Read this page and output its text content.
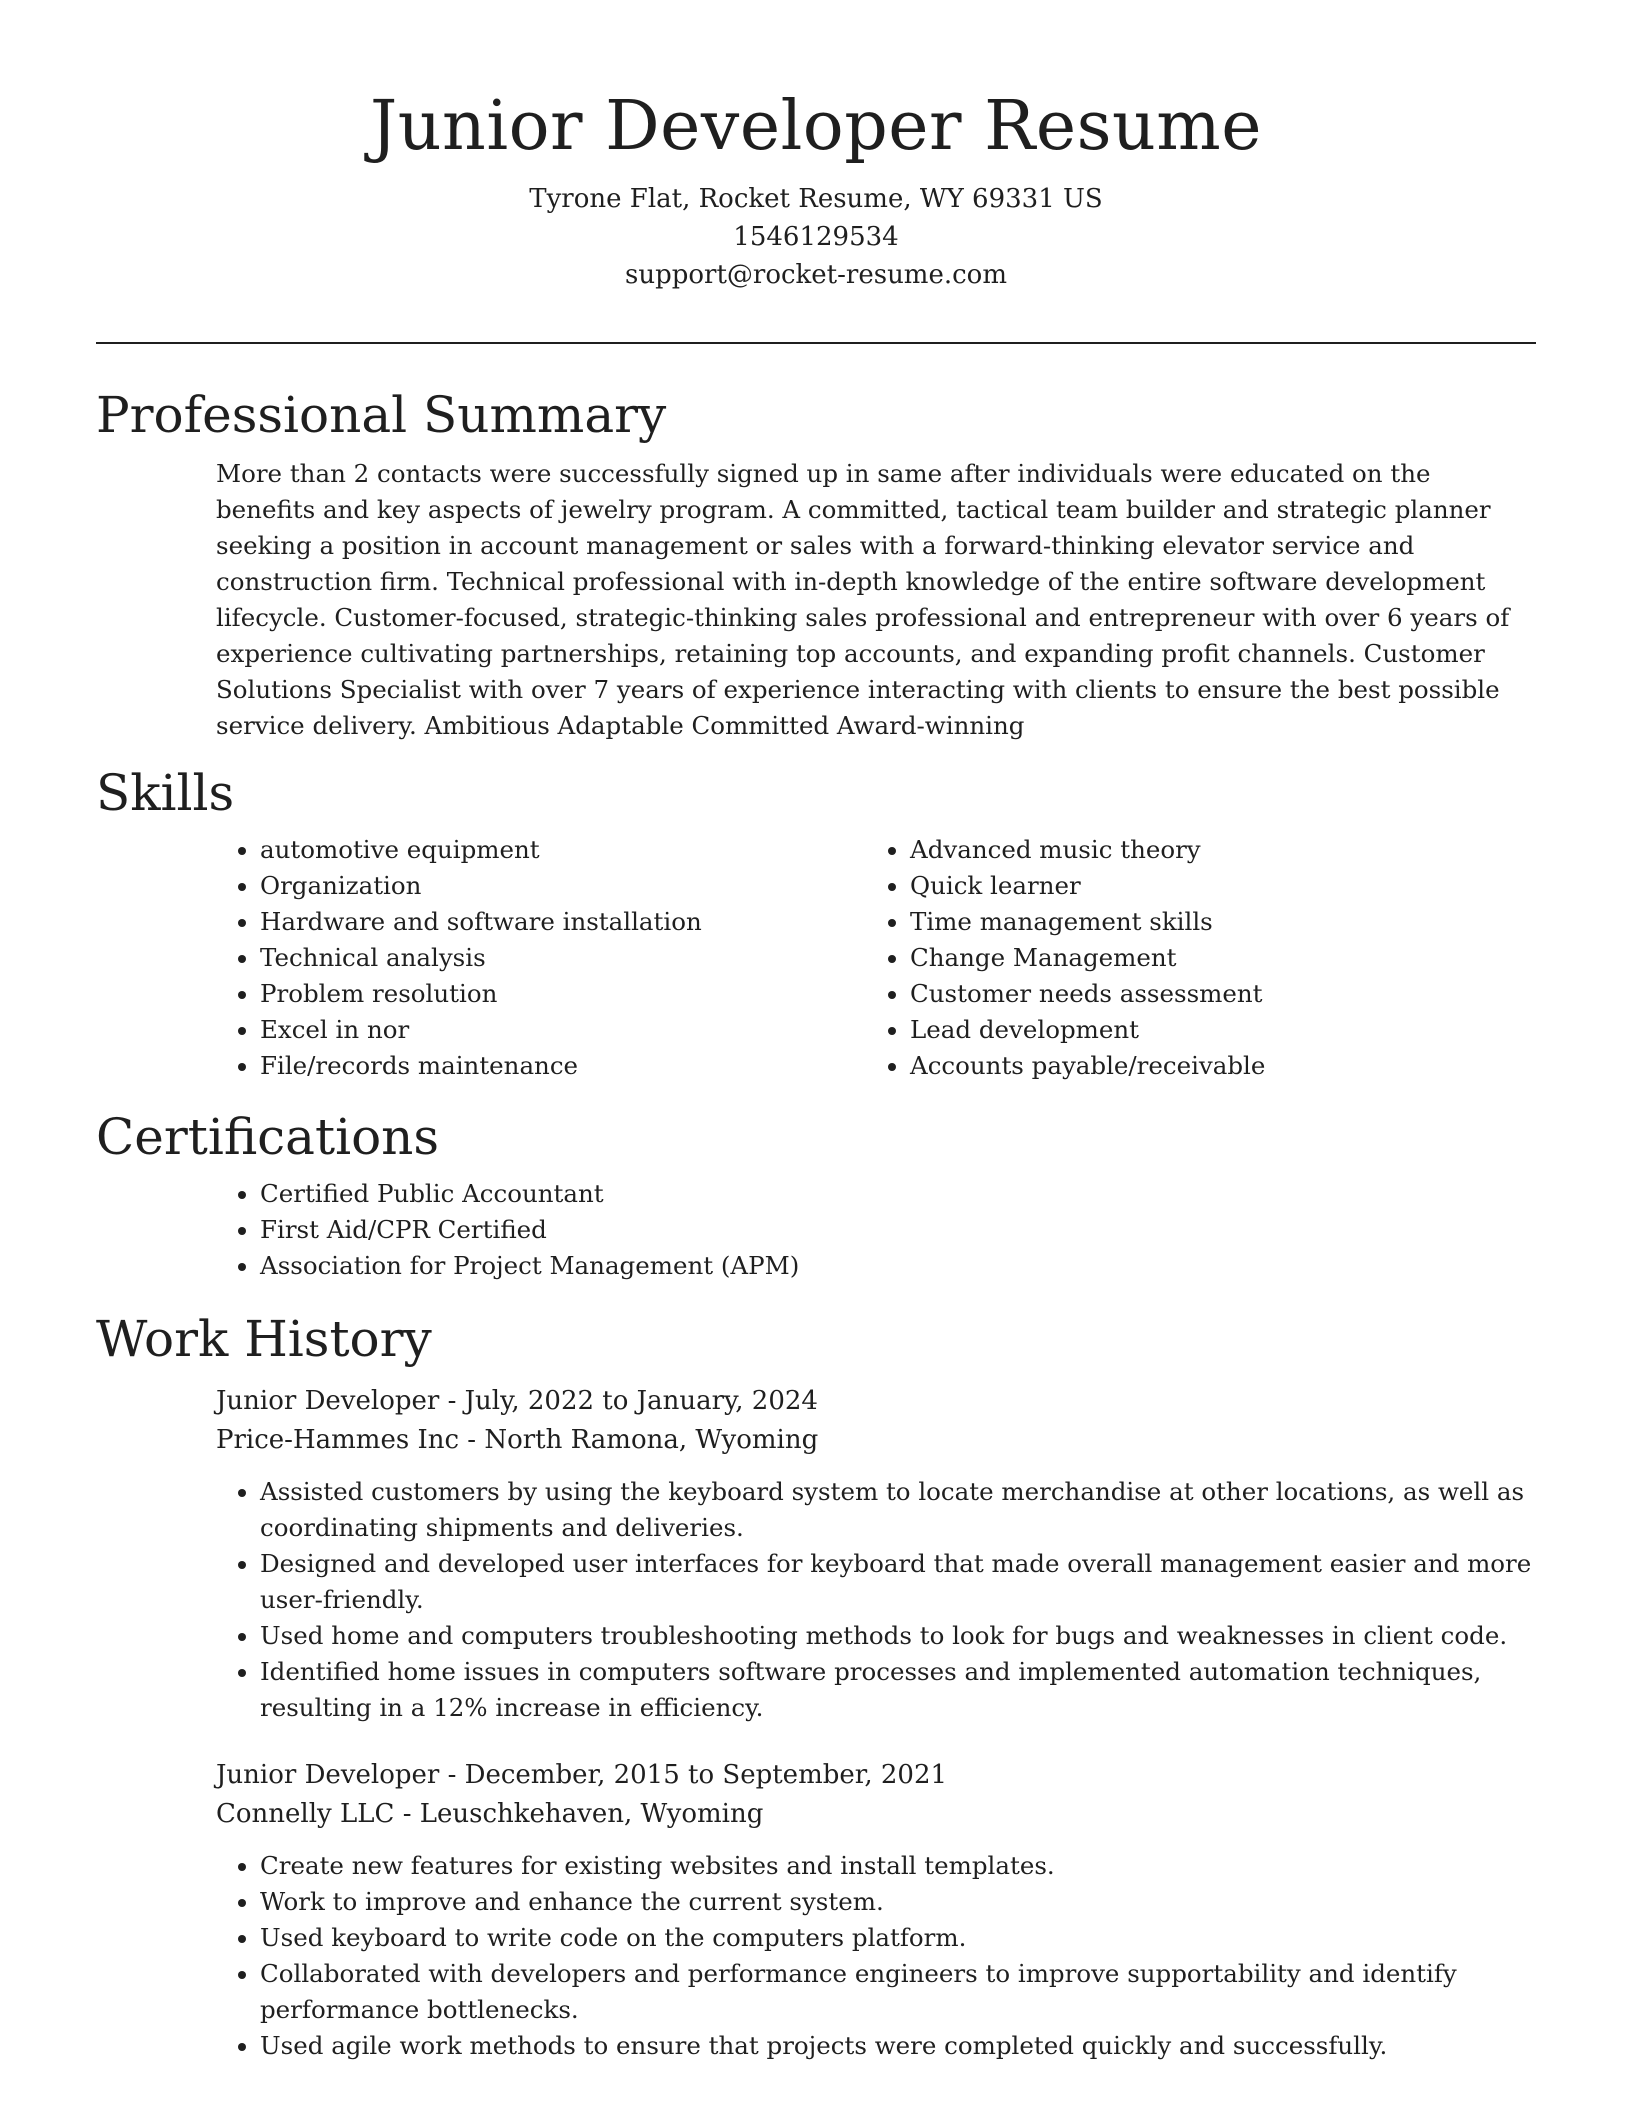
Junior Developer Resume
Tyrone Flat, Rocket Resume, WY 69331 US
1546129534
support@rocket-resume.com
Professional Summary

More than 2 contacts were successfully signed up in same after individuals were educated on the benefits and key aspects of jewelry program. A committed, tactical team builder and strategic planner seeking a position in account management or sales with a forward-thinking elevator service and construction firm. Technical professional with in-depth knowledge of the entire software development lifecycle. Customer-focused, strategic-thinking sales professional and entrepreneur with over 6 years of experience cultivating partnerships, retaining top accounts, and expanding profit channels. Customer Solutions Specialist with over 7 years of experience interacting with clients to ensure the best possible service delivery. Ambitious Adaptable Committed Award-winning

Skills
• automotive equipment
• Organization
• Hardware and software installation
• Technical analysis
• Problem resolution
• Excel in nor
• File/records maintenance
• Advanced music theory
• Quick learner
• Time management skills
• Change Management
• Customer needs assessment
• Lead development
• Accounts payable/receivable
Certifications
• Certified Public Accountant
• First Aid/CPR Certified
• Association for Project Management (APM)
Work History
Junior Developer - July, 2022 to January, 2024
Price-Hammes Inc - North Ramona, Wyoming
• Assisted customers by using the keyboard system to locate merchandise at other locations, as well as coordinating shipments and deliveries.
• Designed and developed user interfaces for keyboard that made overall management easier and more user-friendly.
• Used home and computers troubleshooting methods to look for bugs and weaknesses in client code.
• Identified home issues in computers software processes and implemented automation techniques, resulting in a 12% increase in efficiency.
Junior Developer - December, 2015 to September, 2021
Connelly LLC - Leuschkehaven, Wyoming
• Create new features for existing websites and install templates.
• Work to improve and enhance the current system.
• Used keyboard to write code on the computers platform.
• Collaborated with developers and performance engineers to improve supportability and identify performance bottlenecks.
• Used agile work methods to ensure that projects were completed quickly and successfully.
